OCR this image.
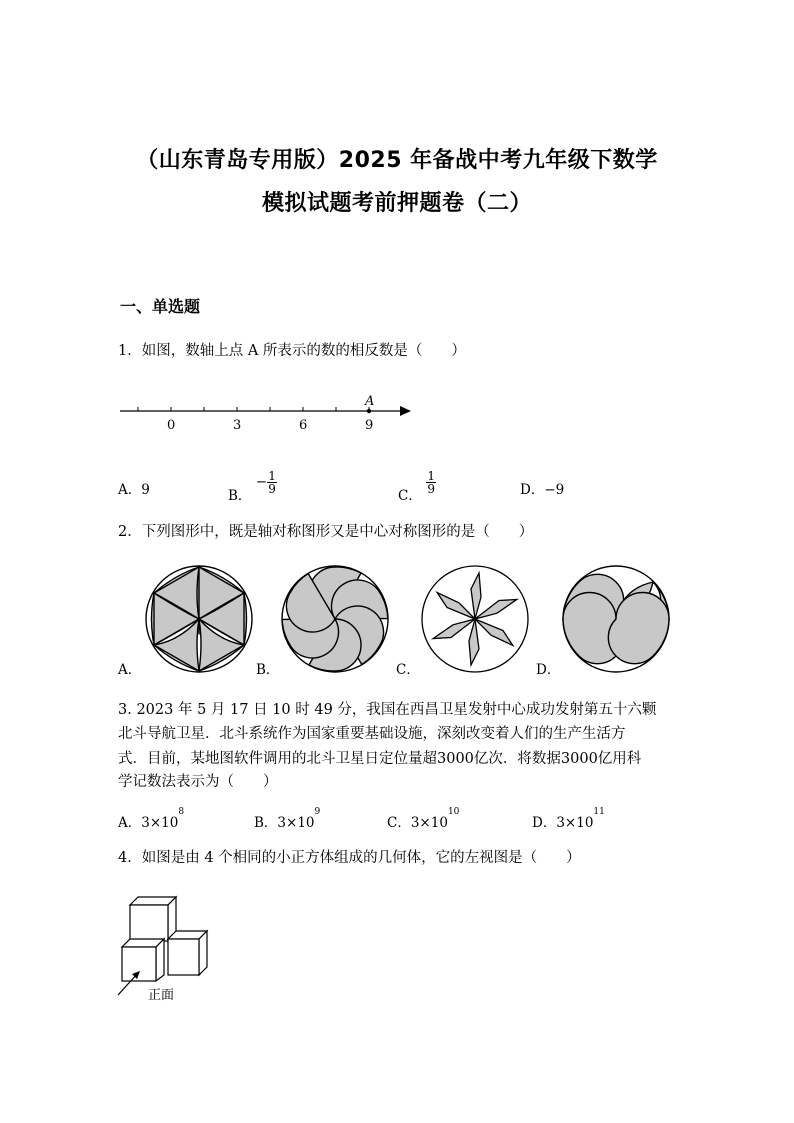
（山东青岛专用版）2025 年备战中考九年级下数学
模拟试题考前押题卷（二）
一、单选题
1．如图，数轴上点 A 所表示的数的相反数是（　　）
A
0	3	6	9
A．9	B． − $\frac{1}{9}$
C．
$\frac{1}{9}$	D．−9
2．下列图形中，既是轴对称图形又是中心对称图形的是（　　）
A．	B．	C．	D．
3. 2023 年 5 月 17 日 10 时 49 分，我国在西昌卫星发射中心成功发射第五十六颗
北斗导航卫星．北斗系统作为国家重要基础设施，深刻改变着人们的生产生活方
式．目前，某地图软件调用的北斗卫星日定位量超3000亿次．将数据3000亿用科
学记数法表示为（　　）
A．$3\times 10^8$
B．$3\times 10^9$
C．$3\times 10^{10}$
D．$3\times 10^{11}$
4．如图是由 4 个相同的小正方体组成的几何体，它的左视图是（　　）
正面
